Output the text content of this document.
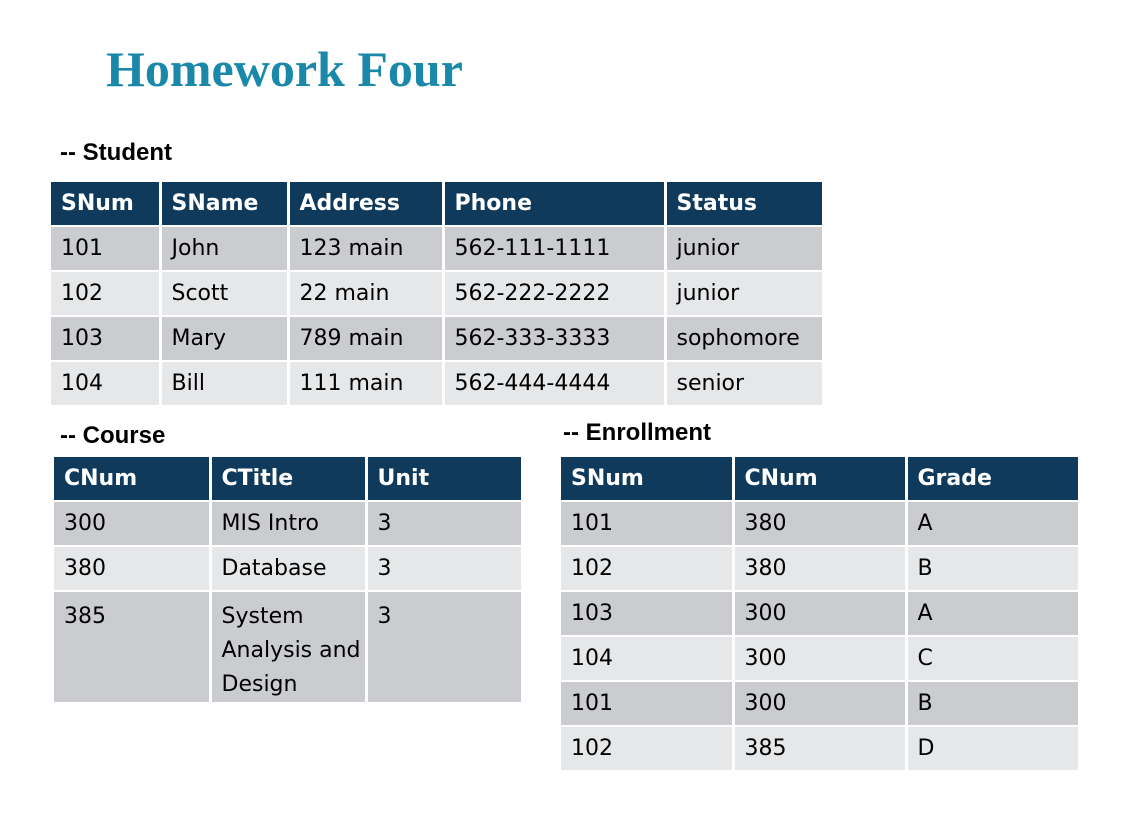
Homework Four
-- Student
SNum	SName	Address	Phone	Status
101	John	123 main	562-111-1111	junior
102	Scott	22 main	562-222-2222	junior
103	Mary	789 main	562-333-3333	sophomore
104	Bill	111 main	562-444-4444	senior
-- Course
CNum	CTitle	Unit
300	MIS Intro	3
380	Database	3
385	System Analysis and Design	3
-- Enrollment
SNum	CNum	Grade
101	380	A
102	380	B
103	300	A
104	300	C
101	300	B
102	385	D
